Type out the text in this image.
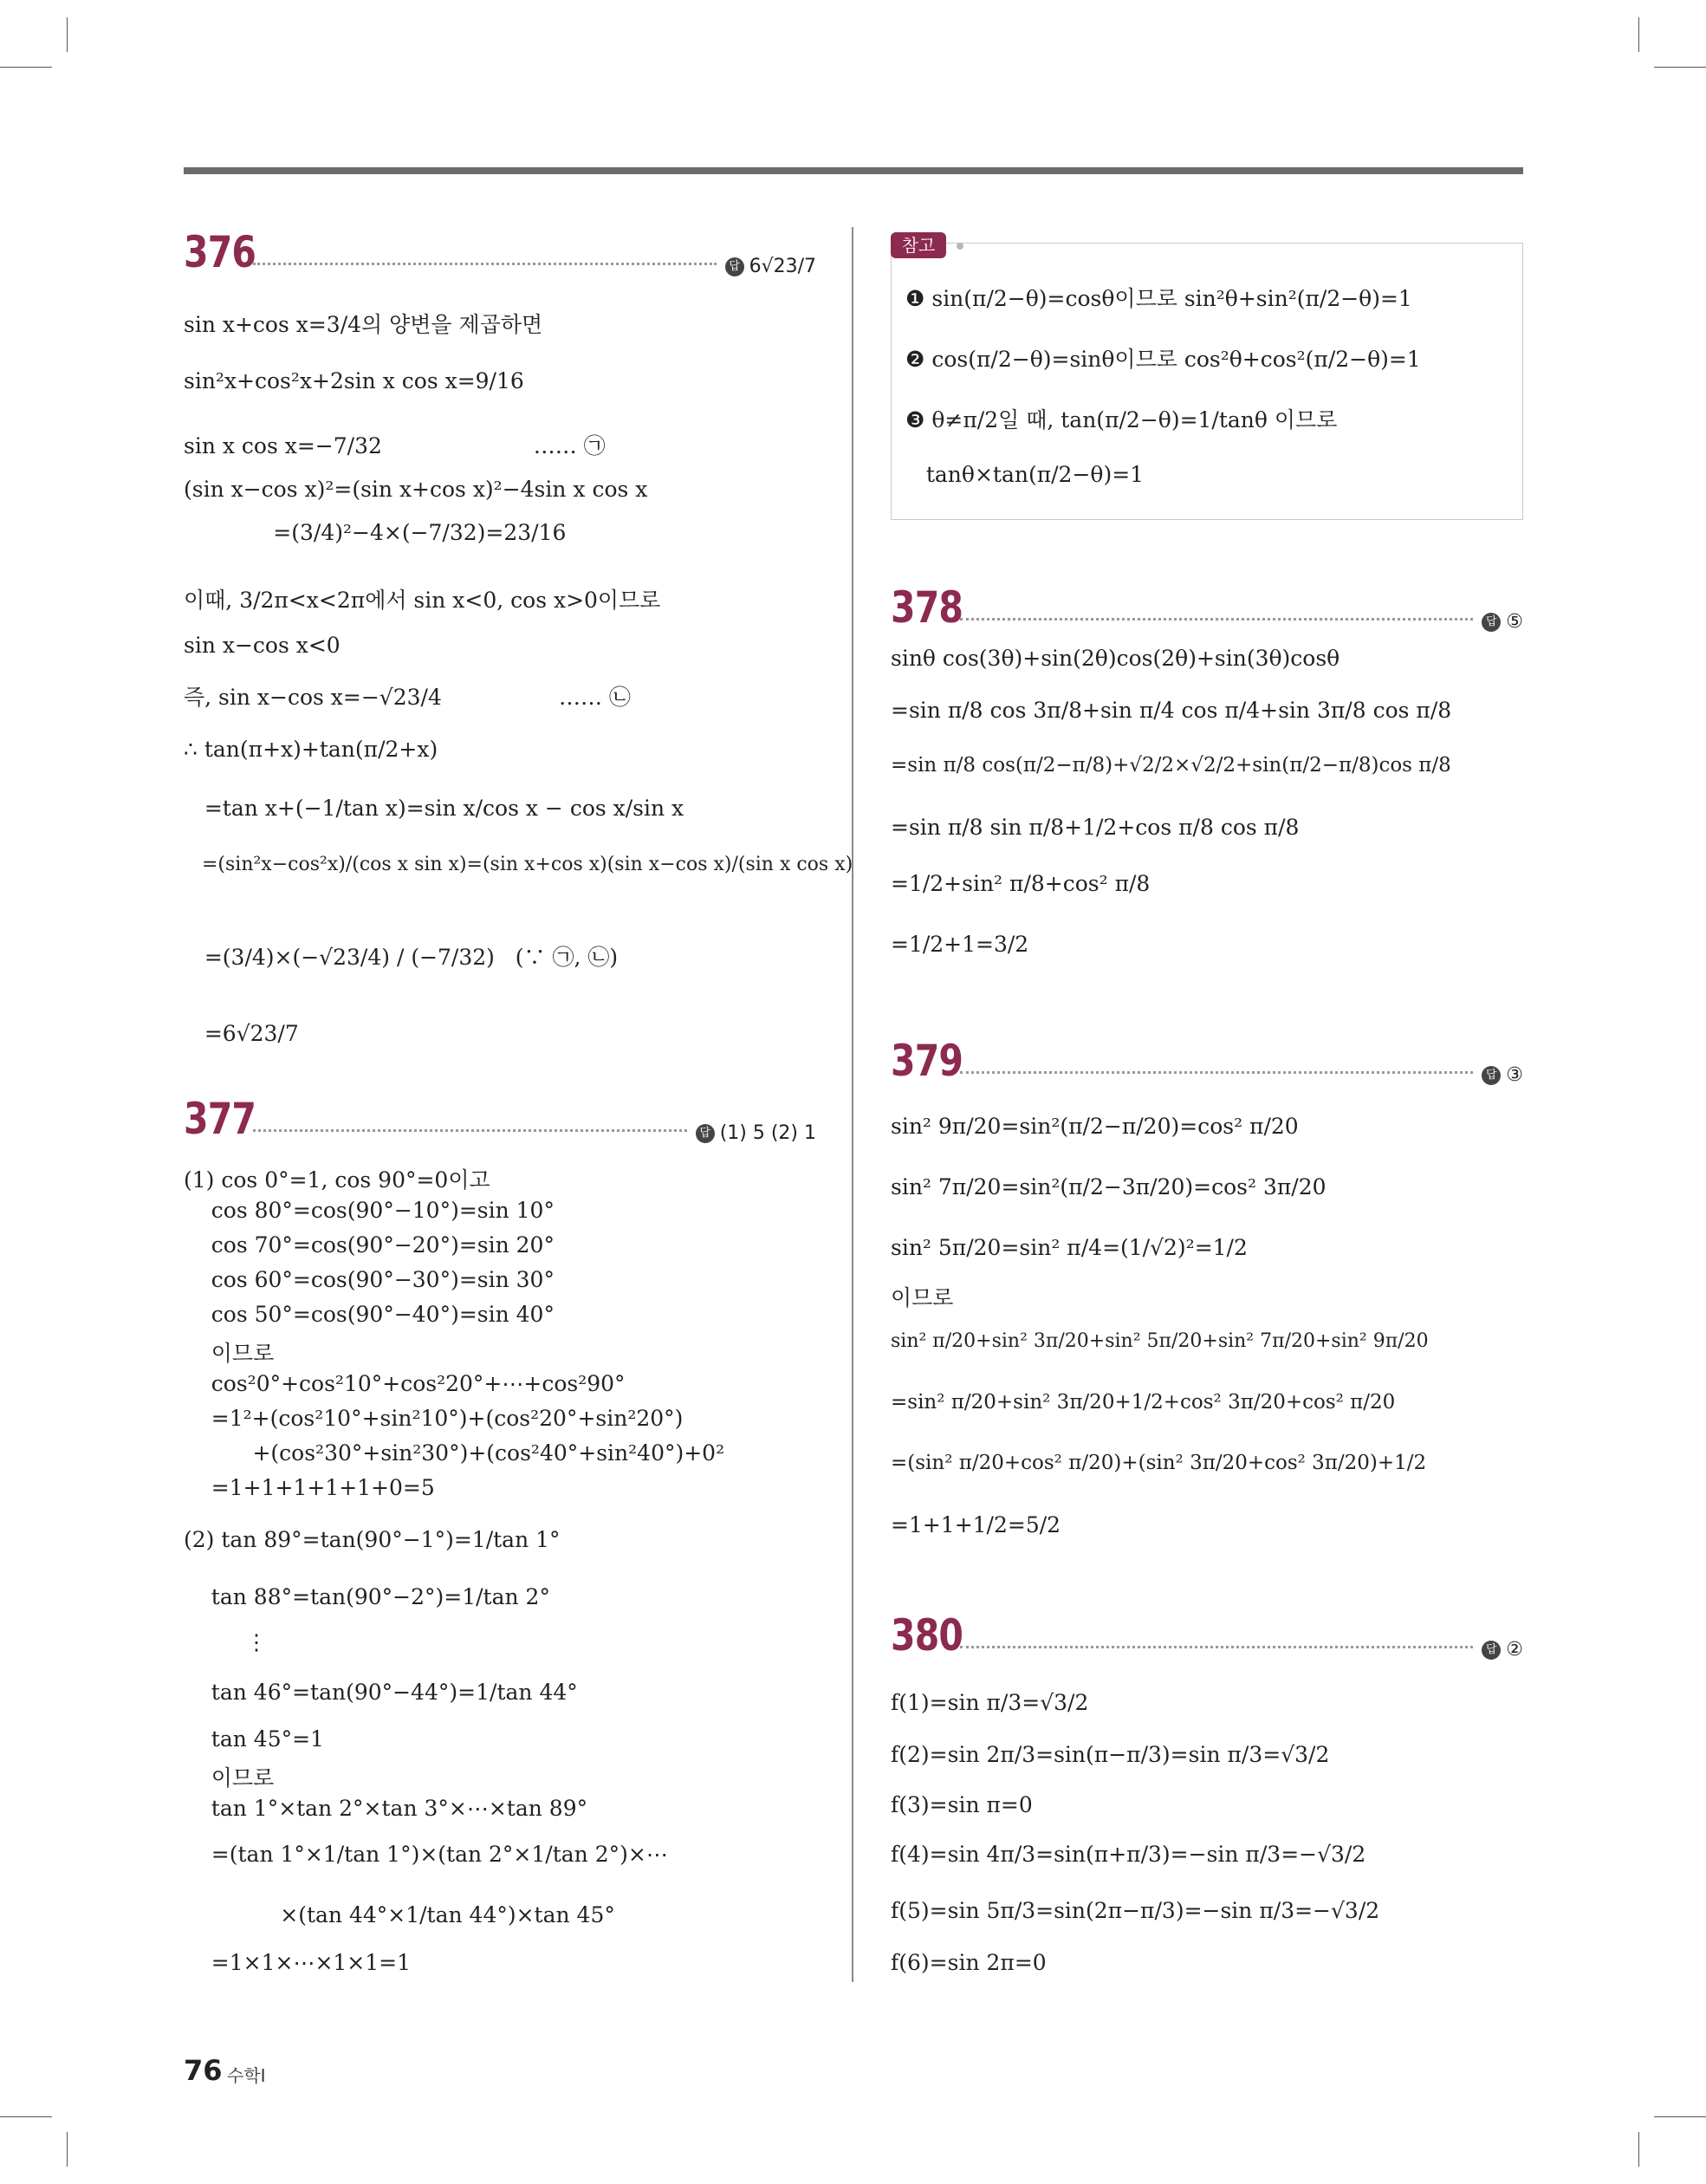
376	답 6√23/7
sin x+cos x=3/4의 양변을 제곱하면
sin²x+cos²x+2sin x cos x=9/16
sin x cos x=−7/32                      …… ㉠
(sin x−cos x)²=(sin x+cos x)²−4sin x cos x
=(3/4)²−4×(−7/32)=23/16
이때, 3/2π<x<2π에서 sin x<0, cos x>0이므로
sin x−cos x<0
즉, sin x−cos x=−√23/4                 …… ㉡
∴ tan(π+x)+tan(π/2+x)
=tan x+(−1/tan x)=sin x/cos x − cos x/sin x
=(sin²x−cos²x)/(cos x sin x)=(sin x+cos x)(sin x−cos x)/(sin x cos x)
=(3/4)×(−√23/4) / (−7/32)   (∵ ㉠, ㉡)
=6√23/7
377	답 (1) 5 (2) 1
(1) cos 0°=1, cos 90°=0이고
cos 80°=cos(90°−10°)=sin 10°
cos 70°=cos(90°−20°)=sin 20°
cos 60°=cos(90°−30°)=sin 30°
cos 50°=cos(90°−40°)=sin 40°
이므로
cos²0°+cos²10°+cos²20°+⋯+cos²90°
=1²+(cos²10°+sin²10°)+(cos²20°+sin²20°)
+(cos²30°+sin²30°)+(cos²40°+sin²40°)+0²
=1+1+1+1+1+0=5
(2) tan 89°=tan(90°−1°)=1/tan 1°
tan 88°=tan(90°−2°)=1/tan 2°
⋮
tan 46°=tan(90°−44°)=1/tan 44°
tan 45°=1
이므로
tan 1°×tan 2°×tan 3°×⋯×tan 89°
=(tan 1°×1/tan 1°)×(tan 2°×1/tan 2°)×⋯
×(tan 44°×1/tan 44°)×tan 45°
=1×1×⋯×1×1=1
참고
❶ sin(π/2−θ)=cosθ이므로 sin²θ+sin²(π/2−θ)=1
❷ cos(π/2−θ)=sinθ이므로 cos²θ+cos²(π/2−θ)=1
❸ θ≠π/2일 때, tan(π/2−θ)=1/tanθ 이므로
tanθ×tan(π/2−θ)=1
378	답 ⑤
sinθ cos(3θ)+sin(2θ)cos(2θ)+sin(3θ)cosθ
=sin π/8 cos 3π/8+sin π/4 cos π/4+sin 3π/8 cos π/8
=sin π/8 cos(π/2−π/8)+√2/2×√2/2+sin(π/2−π/8)cos π/8
=sin π/8 sin π/8+1/2+cos π/8 cos π/8
=1/2+sin² π/8+cos² π/8
=1/2+1=3/2
379	답 ③
sin² 9π/20=sin²(π/2−π/20)=cos² π/20
sin² 7π/20=sin²(π/2−3π/20)=cos² 3π/20
sin² 5π/20=sin² π/4=(1/√2)²=1/2
이므로
sin² π/20+sin² 3π/20+sin² 5π/20+sin² 7π/20+sin² 9π/20
=sin² π/20+sin² 3π/20+1/2+cos² 3π/20+cos² π/20
=(sin² π/20+cos² π/20)+(sin² 3π/20+cos² 3π/20)+1/2
=1+1+1/2=5/2
380	답 ②
f(1)=sin π/3=√3/2
f(2)=sin 2π/3=sin(π−π/3)=sin π/3=√3/2
f(3)=sin π=0
f(4)=sin 4π/3=sin(π+π/3)=−sin π/3=−√3/2
f(5)=sin 5π/3=sin(2π−π/3)=−sin π/3=−√3/2
f(6)=sin 2π=0
76 수학Ⅰ
